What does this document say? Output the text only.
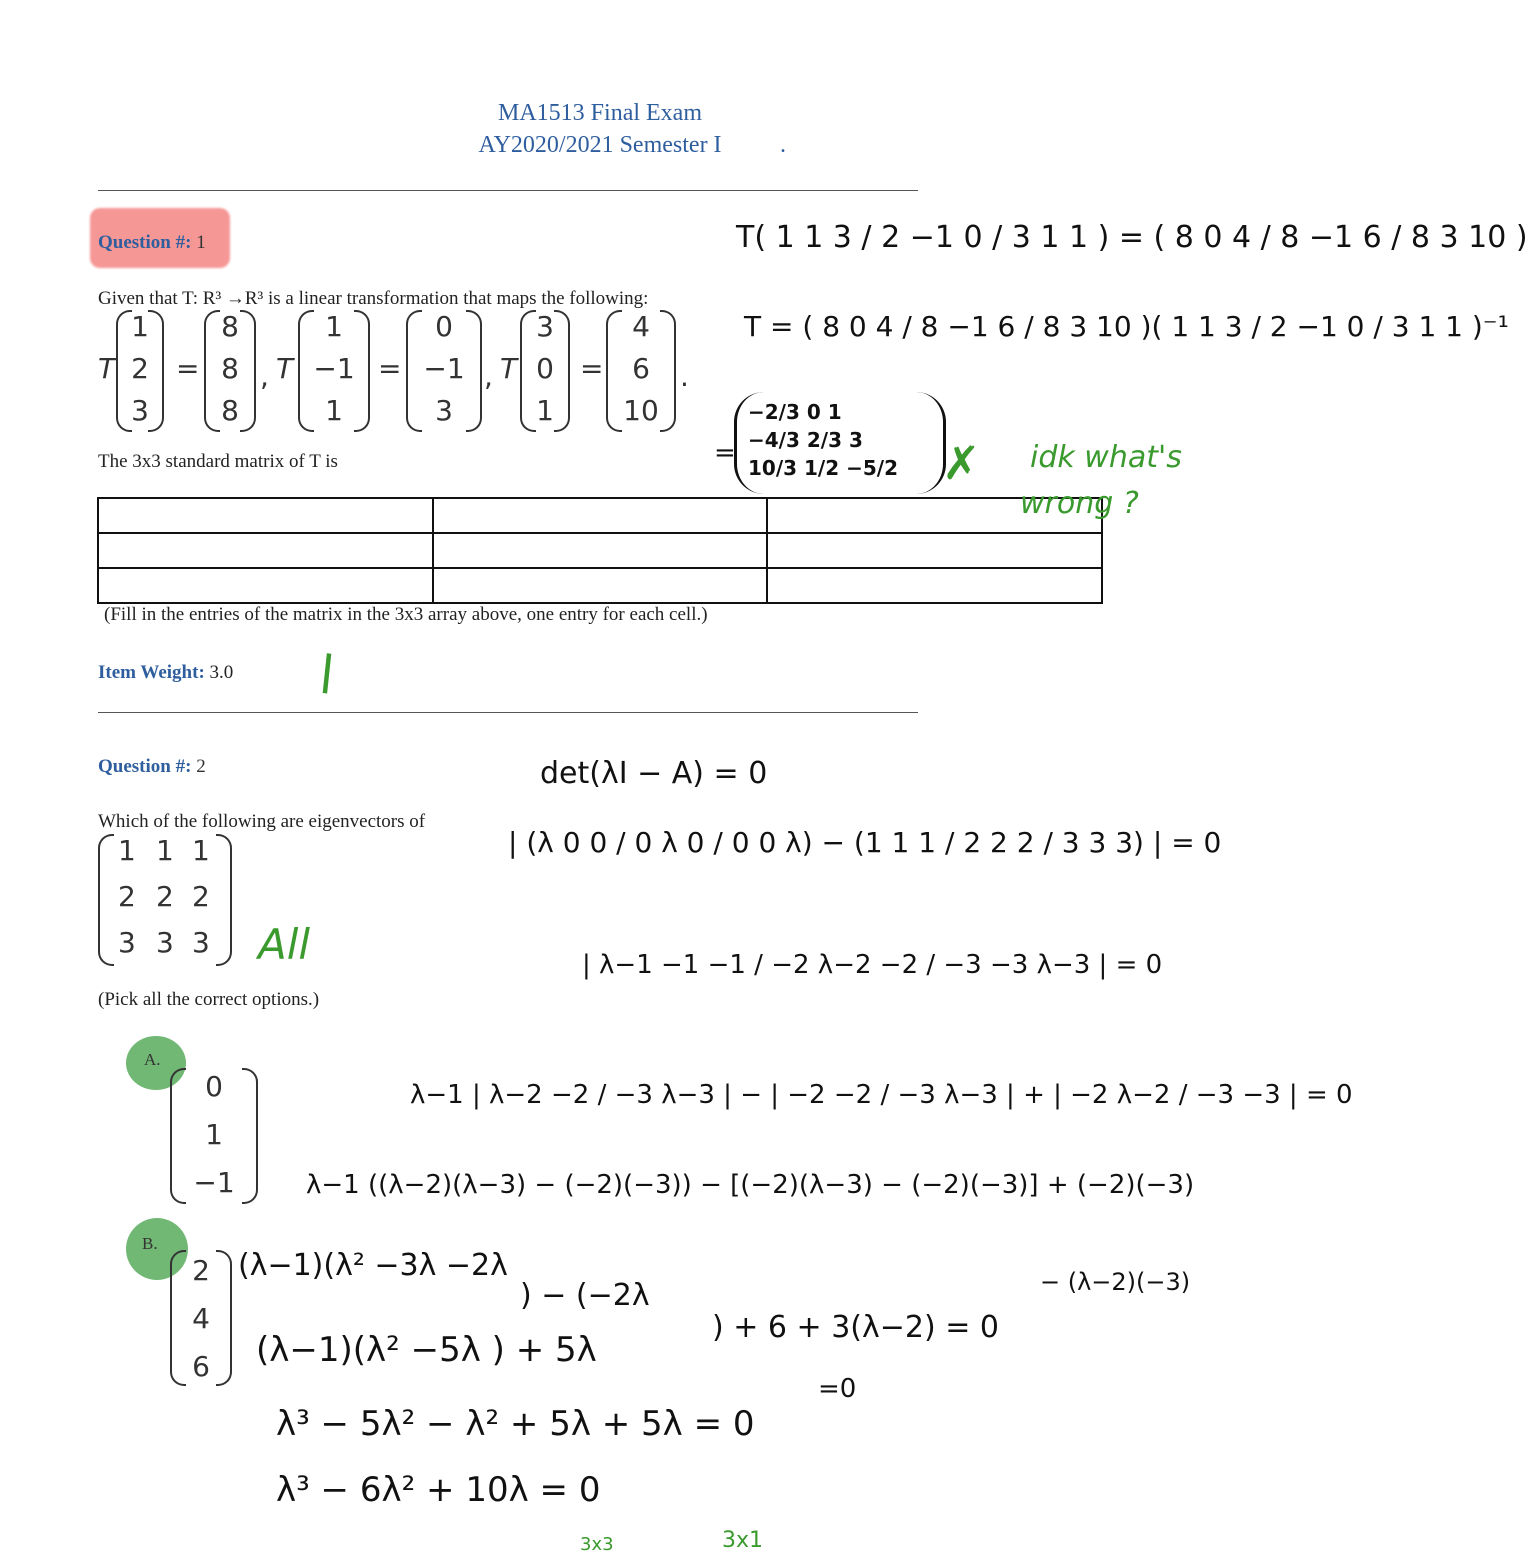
MA1513 Final Exam
AY2020/2021 Semester I	.
Question #: 1
Given that T: R³ →R³ is a linear transformation that maps the following:
T
1
2
3
=
8
8
8
, T
1
−1
1
=
0
−1
3
, T
3
0
1
=
4
6
10
.
The 3x3 standard matrix of T is

(Fill in the entries of the matrix in the 3x3 array above, one entry for each cell.)
Item Weight: 3.0 |
T( 1 1 3 / 2 −1 0 / 3 1 1 ) = ( 8 0 4 / 8 −1 6 / 8 3 10 )
T = ( 8 0 4 / 8 −1 6 / 8 3 10 )( 1 1 3 / 2 −1 0 / 3 1 1 )⁻¹
=
−2/3 0 1
−4/3 2/3 3
10/3 1/2 −5/2 ✗ idk what's
wrong ?
Question #: 2
Which of the following are eigenvectors of
1 1 1
2 2 2
3 3 3 All
(Pick all the correct options.)
A.
0
1
−1
B.
2
4
6
det(λI − A) = 0
| (λ 0 0 / 0 λ 0 / 0 0 λ) − (1 1 1 / 2 2 2 / 3 3 3) | = 0
| λ−1 −1 −1 / −2 λ−2 −2 / −3 −3 λ−3 | = 0
λ−1 | λ−2 −2 / −3 λ−3 | − | −2 −2 / −3 λ−3 | + | −2 λ−2 / −3 −3 | = 0
λ−1 ((λ−2)(λ−3) − (−2)(−3)) − [(−2)(λ−3) − (−2)(−3)] + (−2)(−3)
− (λ−2)(−3)
=0
(λ−1)(λ² −3λ −2λ
) − (−2λ
) + 6 + 3(λ−2) = 0
(λ−1)(λ² −5λ ) + 5λ
λ³ − 5λ² − λ² + 5λ + 5λ = 0
λ³ − 6λ² + 10λ = 0
3x3	3x1
